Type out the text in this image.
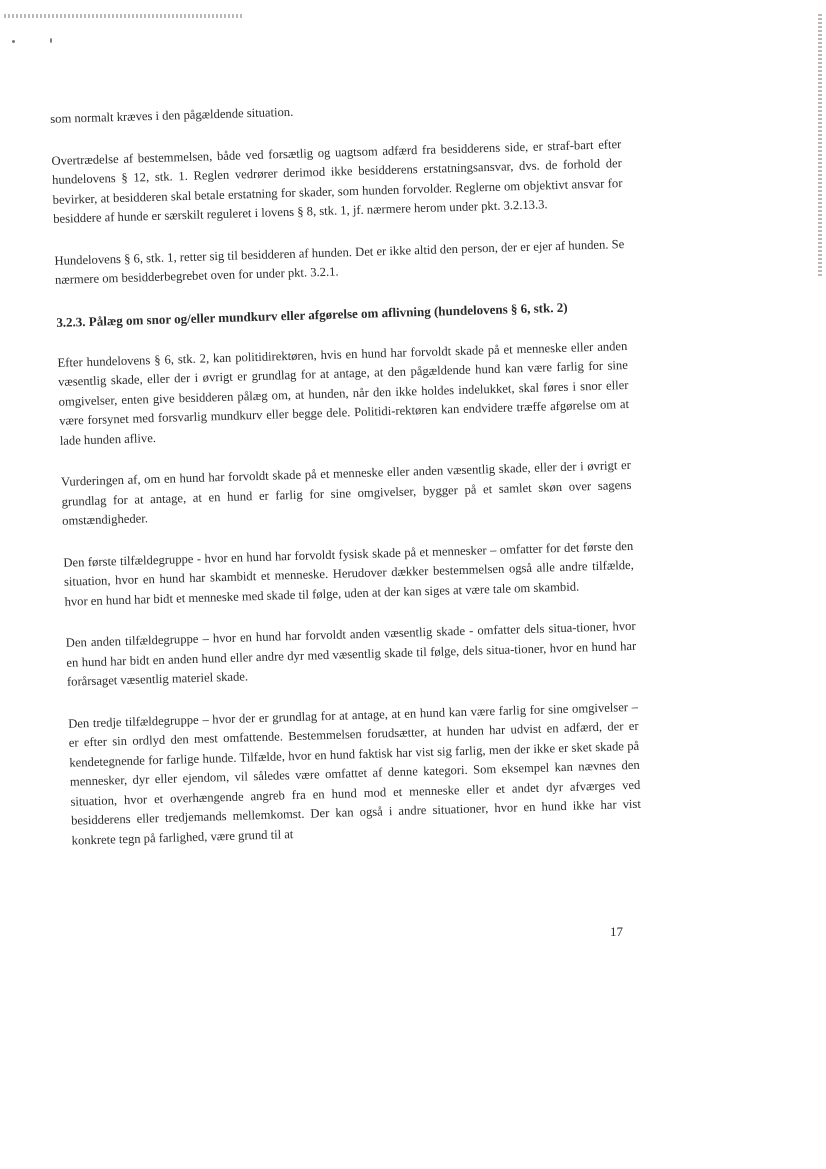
som normalt kræves i den pågældende situation.

Overtrædelse af bestemmelsen, både ved forsætlig og uagtsom adfærd fra besidderens side, er straf-bart efter hundelovens § 12, stk. 1. Reglen vedrører derimod ikke besidderens erstatningsansvar, dvs. de forhold der bevirker, at besidderen skal betale erstatning for skader, som hunden forvolder. Reglerne om objektivt ansvar for besiddere af hunde er særskilt reguleret i lovens § 8, stk. 1, jf. nærmere herom under pkt. 3.2.13.3.

Hundelovens § 6, stk. 1, retter sig til besidderen af hunden. Det er ikke altid den person, der er ejer af hunden. Se nærmere om besidderbegrebet oven for under pkt. 3.2.1.

3.2.3. Pålæg om snor og/eller mundkurv eller afgørelse om aflivning (hundelovens § 6, stk. 2)

Efter hundelovens § 6, stk. 2, kan politidirektøren, hvis en hund har forvoldt skade på et menneske eller anden væsentlig skade, eller der i øvrigt er grundlag for at antage, at den pågældende hund kan være farlig for sine omgivelser, enten give besidderen pålæg om, at hunden, når den ikke holdes indelukket, skal føres i snor eller være forsynet med forsvarlig mundkurv eller begge dele. Politidi-rektøren kan endvidere træffe afgørelse om at lade hunden aflive.

Vurderingen af, om en hund har forvoldt skade på et menneske eller anden væsentlig skade, eller der i øvrigt er grundlag for at antage, at en hund er farlig for sine omgivelser, bygger på et samlet skøn over sagens omstændigheder.

Den første tilfældegruppe - hvor en hund har forvoldt fysisk skade på et mennesker – omfatter for det første den situation, hvor en hund har skambidt et menneske. Herudover dækker bestemmelsen også alle andre tilfælde, hvor en hund har bidt et menneske med skade til følge, uden at der kan siges at være tale om skambid.

Den anden tilfældegruppe – hvor en hund har forvoldt anden væsentlig skade - omfatter dels situa-tioner, hvor en hund har bidt en anden hund eller andre dyr med væsentlig skade til følge, dels situa-tioner, hvor en hund har forårsaget væsentlig materiel skade.

Den tredje tilfældegruppe – hvor der er grundlag for at antage, at en hund kan være farlig for sine omgivelser – er efter sin ordlyd den mest omfattende. Bestemmelsen forudsætter, at hunden har udvist en adfærd, der er kendetegnende for farlige hunde. Tilfælde, hvor en hund faktisk har vist sig farlig, men der ikke er sket skade på mennesker, dyr eller ejendom, vil således være omfattet af denne kategori. Som eksempel kan nævnes den situation, hvor et overhængende angreb fra en hund mod et menneske eller et andet dyr afværges ved besidderens eller tredjemands mellemkomst. Der kan også i andre situationer, hvor en hund ikke har vist konkrete tegn på farlighed, være grund til at

17
